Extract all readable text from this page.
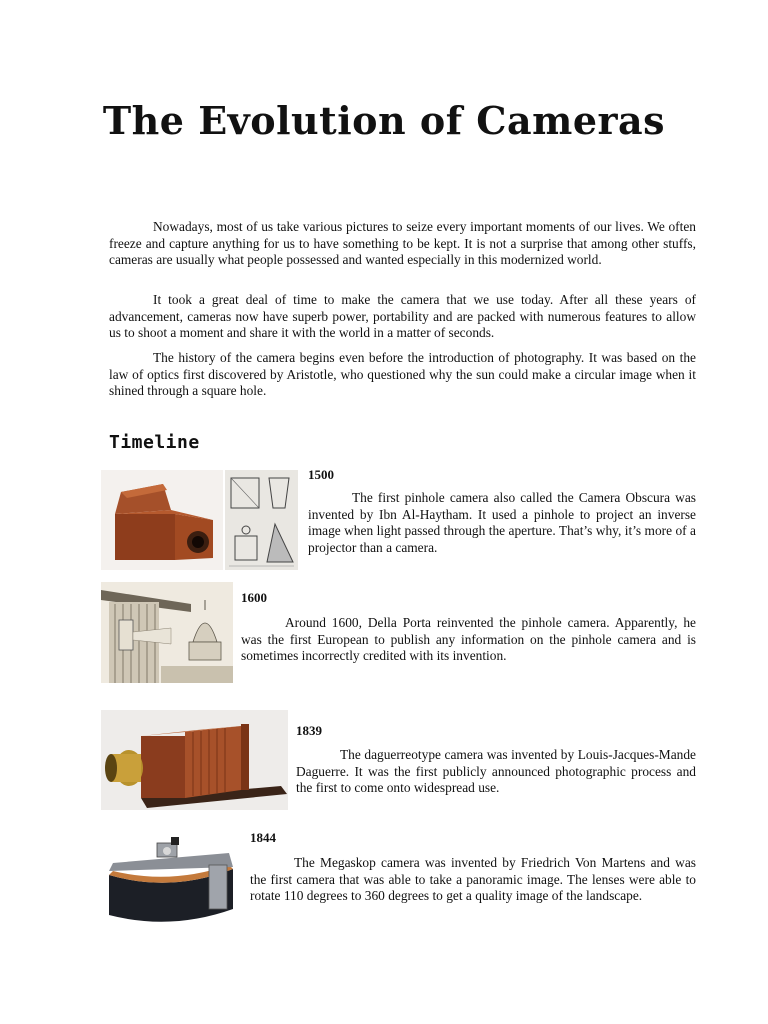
The Evolution of Cameras

Nowadays, most of us take various pictures to seize every important moments of our lives. We often freeze and capture anything for us to have something to be kept. It is not a surprise that among other stuffs, cameras are usually what people possessed and wanted especially in this modernized world.

It took a great deal of time to make the camera that we use today. After all these years of advancement, cameras now have superb power, portability and are packed with numerous features to allow us to shoot a moment and share it with the world in a matter of seconds.

The history of the camera begins even before the introduction of photography. It was based on the law of optics first discovered by Aristotle, who questioned why the sun could make a circular image when it shined through a square hole.

Timeline

1500

The first pinhole camera also called the Camera Obscura was invented by Ibn Al-Haytham. It used a pinhole to project an inverse image when light passed through the aperture. That’s why, it’s more of a projector than a camera.

1600

Around 1600, Della Porta reinvented the pinhole camera. Apparently, he was the first European to publish any information on the pinhole camera and is sometimes incorrectly credited with its invention.

1839

The daguerreotype camera was invented by Louis-Jacques-Mande Daguerre. It was the first publicly announced photographic process and the first to come onto widespread use.

1844

The Megaskop camera was invented by Friedrich Von Martens and was the first camera that was able to take a panoramic image. The lenses were able to rotate 110 degrees to 360 degrees to get a quality image of the landscape.
